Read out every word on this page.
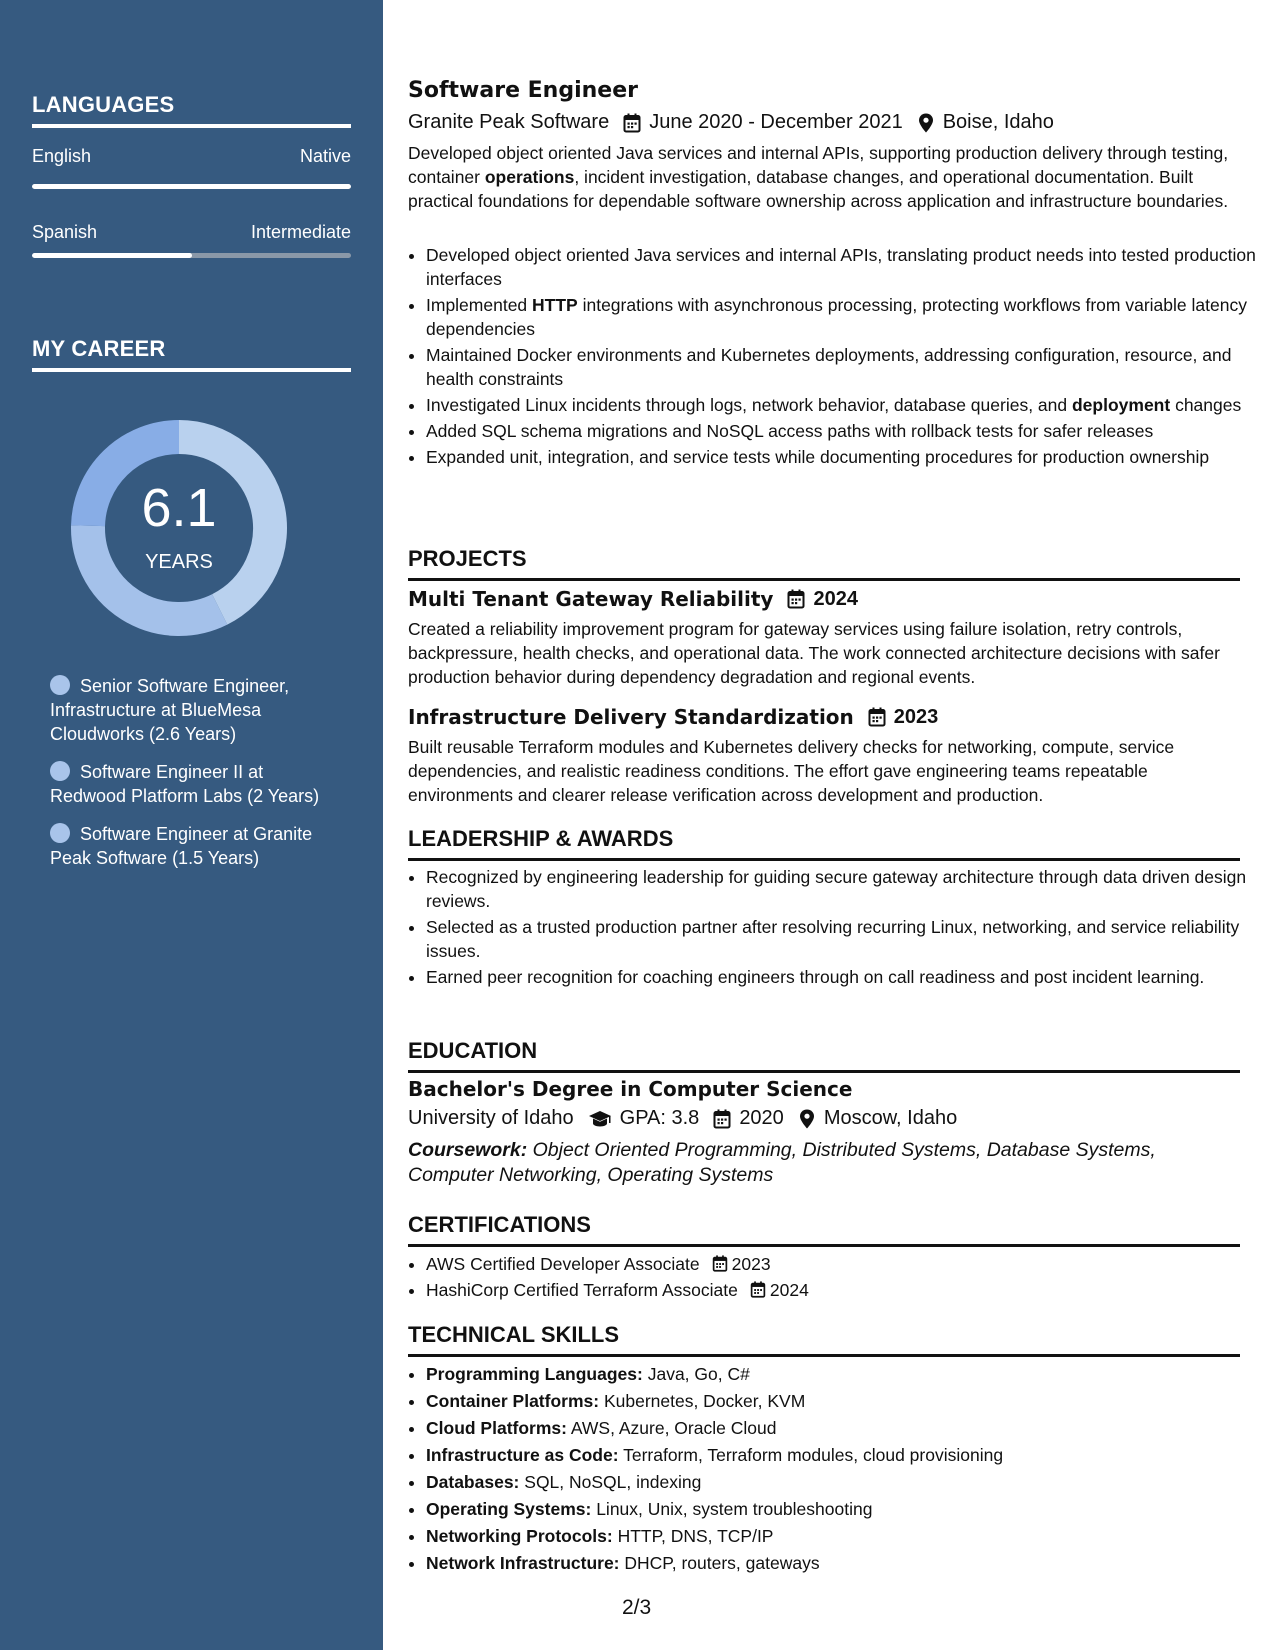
LANGUAGES
English	Native
Spanish	Intermediate
MY CAREER
6.1
YEARS
Senior Software Engineer, Infrastructure at BlueMesa Cloudworks (2.6 Years)
Software Engineer II at Redwood Platform Labs (2 Years)
Software Engineer at Granite Peak Software (1.5 Years)
Software Engineer
Granite Peak Software June 2020 - December 2021 Boise, Idaho

Developed object oriented Java services and internal APIs, supporting production delivery through testing, container operations, incident investigation, database changes, and operational documentation. Built practical foundations for dependable software ownership across application and infrastructure boundaries.

• Developed object oriented Java services and internal APIs, translating product needs into tested production interfaces
• Implemented HTTP integrations with asynchronous processing, protecting workflows from variable latency dependencies
• Maintained Docker environments and Kubernetes deployments, addressing configuration, resource, and health constraints
• Investigated Linux incidents through logs, network behavior, database queries, and deployment changes
• Added SQL schema migrations and NoSQL access paths with rollback tests for safer releases
• Expanded unit, integration, and service tests while documenting procedures for production ownership
PROJECTS
Multi Tenant Gateway Reliability 2024

Created a reliability improvement program for gateway services using failure isolation, retry controls, backpressure, health checks, and operational data. The work connected architecture decisions with safer production behavior during dependency degradation and regional events.

Infrastructure Delivery Standardization 2023

Built reusable Terraform modules and Kubernetes delivery checks for networking, compute, service dependencies, and realistic readiness conditions. The effort gave engineering teams repeatable environments and clearer release verification across development and production.

LEADERSHIP & AWARDS
• Recognized by engineering leadership for guiding secure gateway architecture through data driven design reviews.
• Selected as a trusted production partner after resolving recurring Linux, networking, and service reliability issues.
• Earned peer recognition for coaching engineers through on call readiness and post incident learning.
EDUCATION
Bachelor's Degree in Computer Science
University of Idaho GPA: 3.8 2020 Moscow, Idaho

Coursework: Object Oriented Programming, Distributed Systems, Database Systems, Computer Networking, Operating Systems

CERTIFICATIONS
• AWS Certified Developer Associate 2023
• HashiCorp Certified Terraform Associate 2024
TECHNICAL SKILLS
• Programming Languages: Java, Go, C#
• Container Platforms: Kubernetes, Docker, KVM
• Cloud Platforms: AWS, Azure, Oracle Cloud
• Infrastructure as Code: Terraform, Terraform modules, cloud provisioning
• Databases: SQL, NoSQL, indexing
• Operating Systems: Linux, Unix, system troubleshooting
• Networking Protocols: HTTP, DNS, TCP/IP
• Network Infrastructure: DHCP, routers, gateways
2/3
